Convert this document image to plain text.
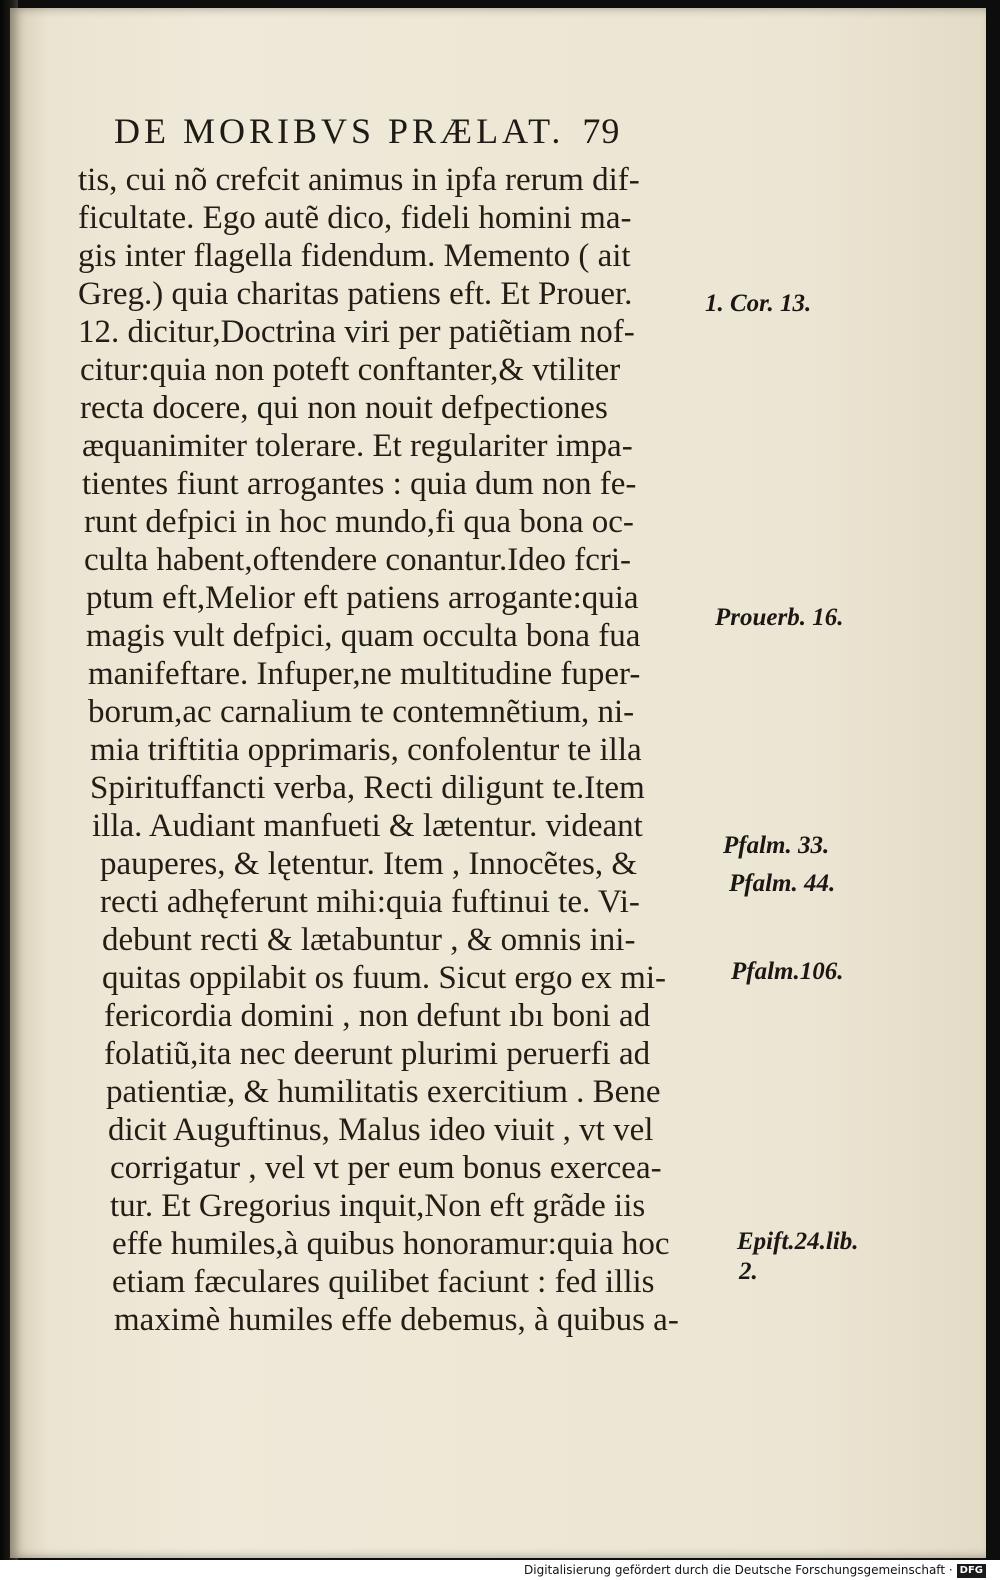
DE MORIBVS PRÆLAT. 79
tis, cui nõ crefcit animus in ipfa rerum dif-
ficultate. Ego autẽ dico, fideli homini ma-
gis inter flagella fidendum. Memento ( ait
Greg.) quia charitas patiens eft. Et Prouer.
12. dicitur,Doctrina viri per patiẽtiam nof-
citur:quia non poteft conftanter,& vtiliter
recta docere, qui non nouit defpectiones
æquanimiter tolerare. Et regulariter impa-
tientes fiunt arrogantes : quia dum non fe-
runt defpici in hoc mundo,fi qua bona oc-
culta habent,oftendere conantur.Ideo fcri-
ptum eft,Melior eft patiens arrogante:quia
magis vult defpici, quam occulta bona fua
manifeftare. Infuper,ne multitudine fuper-
borum,ac carnalium te contemnẽtium, ni-
mia triftitia opprimaris, confolentur te illa
Spirituffancti verba, Recti diligunt te.Item
illa. Audiant manfueti & lætentur. videant
pauperes, & lętentur. Item , Innocẽtes, &
recti adhęferunt mihi:quia fuftinui te. Vi-
debunt recti & lætabuntur , & omnis ini-
quitas oppilabit os fuum. Sicut ergo ex mi-
fericordia domini , non defunt ıbı boni ad
folatiũ,ita nec deerunt plurimi peruerfi ad
patientiæ, & humilitatis exercitium . Bene
dicit Auguftinus, Malus ideo viuit , vt vel
corrigatur , vel vt per eum bonus exercea-
tur. Et Gregorius inquit,Non eft grãde iis
effe humiles,à quibus honoramur:quia hoc
etiam fæculares quilibet faciunt : fed illis
maximè humiles effe debemus, à quibus a-
1. Cor. 13.
Prouerb. 16.
Pfalm. 33.
Pfalm. 44.
Pfalm.106.
Epift.24.lib.
2.
Digitalisierung gefördert durch die Deutsche Forschungsgemeinschaft · DFG
